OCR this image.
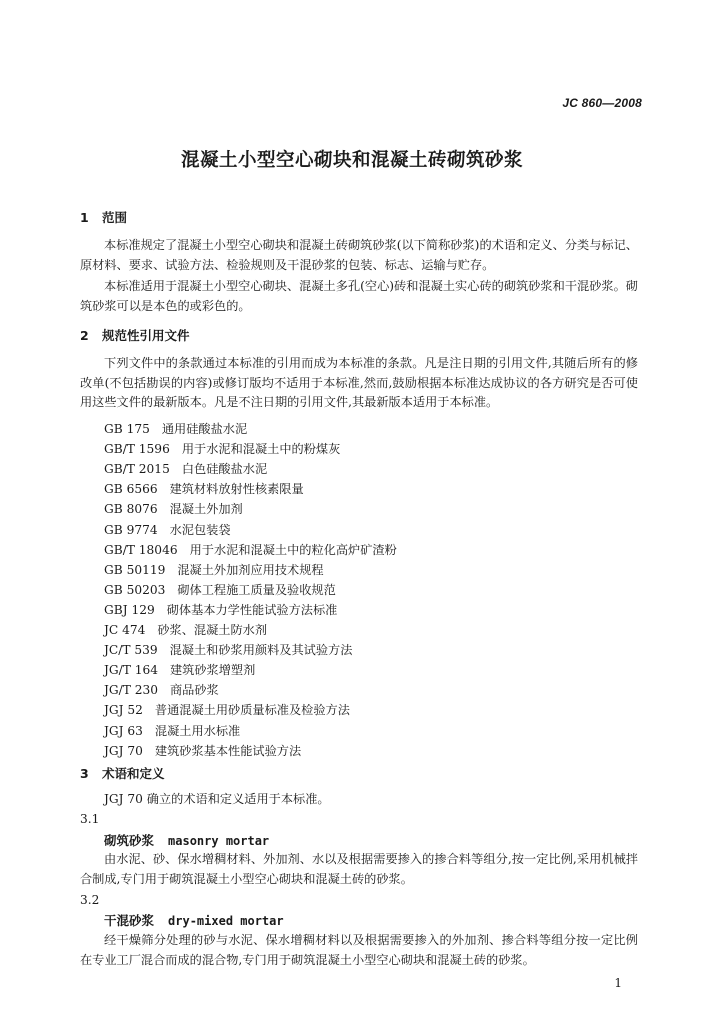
JC 860—2008
混凝土小型空心砌块和混凝土砖砌筑砂浆
1 范围
本标准规定了混凝土小型空心砌块和混凝土砖砌筑砂浆(以下简称砂浆)的术语和定义、分类与标记、原材料、要求、试验方法、检验规则及干混砂浆的包装、标志、运输与贮存。
本标准适用于混凝土小型空心砌块、混凝土多孔(空心)砖和混凝土实心砖的砌筑砂浆和干混砂浆。砌筑砂浆可以是本色的或彩色的。
2 规范性引用文件
下列文件中的条款通过本标准的引用而成为本标准的条款。凡是注日期的引用文件,其随后所有的修改单(不包括勘误的内容)或修订版均不适用于本标准,然而,鼓励根据本标准达成协议的各方研究是否可使用这些文件的最新版本。凡是不注日期的引用文件,其最新版本适用于本标准。
GB 175 通用硅酸盐水泥
GB/T 1596 用于水泥和混凝土中的粉煤灰
GB/T 2015 白色硅酸盐水泥
GB 6566 建筑材料放射性核素限量
GB 8076 混凝土外加剂
GB 9774 水泥包装袋
GB/T 18046 用于水泥和混凝土中的粒化高炉矿渣粉
GB 50119 混凝土外加剂应用技术规程
GB 50203 砌体工程施工质量及验收规范
GBJ 129 砌体基本力学性能试验方法标准
JC 474 砂浆、混凝土防水剂
JC/T 539 混凝土和砂浆用颜料及其试验方法
JG/T 164 建筑砂浆增塑剂
JG/T 230 商品砂浆
JGJ 52 普通混凝土用砂质量标准及检验方法
JGJ 63 混凝土用水标准
JGJ 70 建筑砂浆基本性能试验方法
3 术语和定义
JGJ 70 确立的术语和定义适用于本标准。
3.1
砌筑砂浆 masonry mortar
由水泥、砂、保水增稠材料、外加剂、水以及根据需要掺入的掺合料等组分,按一定比例,采用机械拌合制成,专门用于砌筑混凝土小型空心砌块和混凝土砖的砂浆。
3.2
干混砂浆 dry-mixed mortar
经干燥筛分处理的砂与水泥、保水增稠材料以及根据需要掺入的外加剂、掺合料等组分按一定比例在专业工厂混合而成的混合物,专门用于砌筑混凝土小型空心砌块和混凝土砖的砂浆。
1
